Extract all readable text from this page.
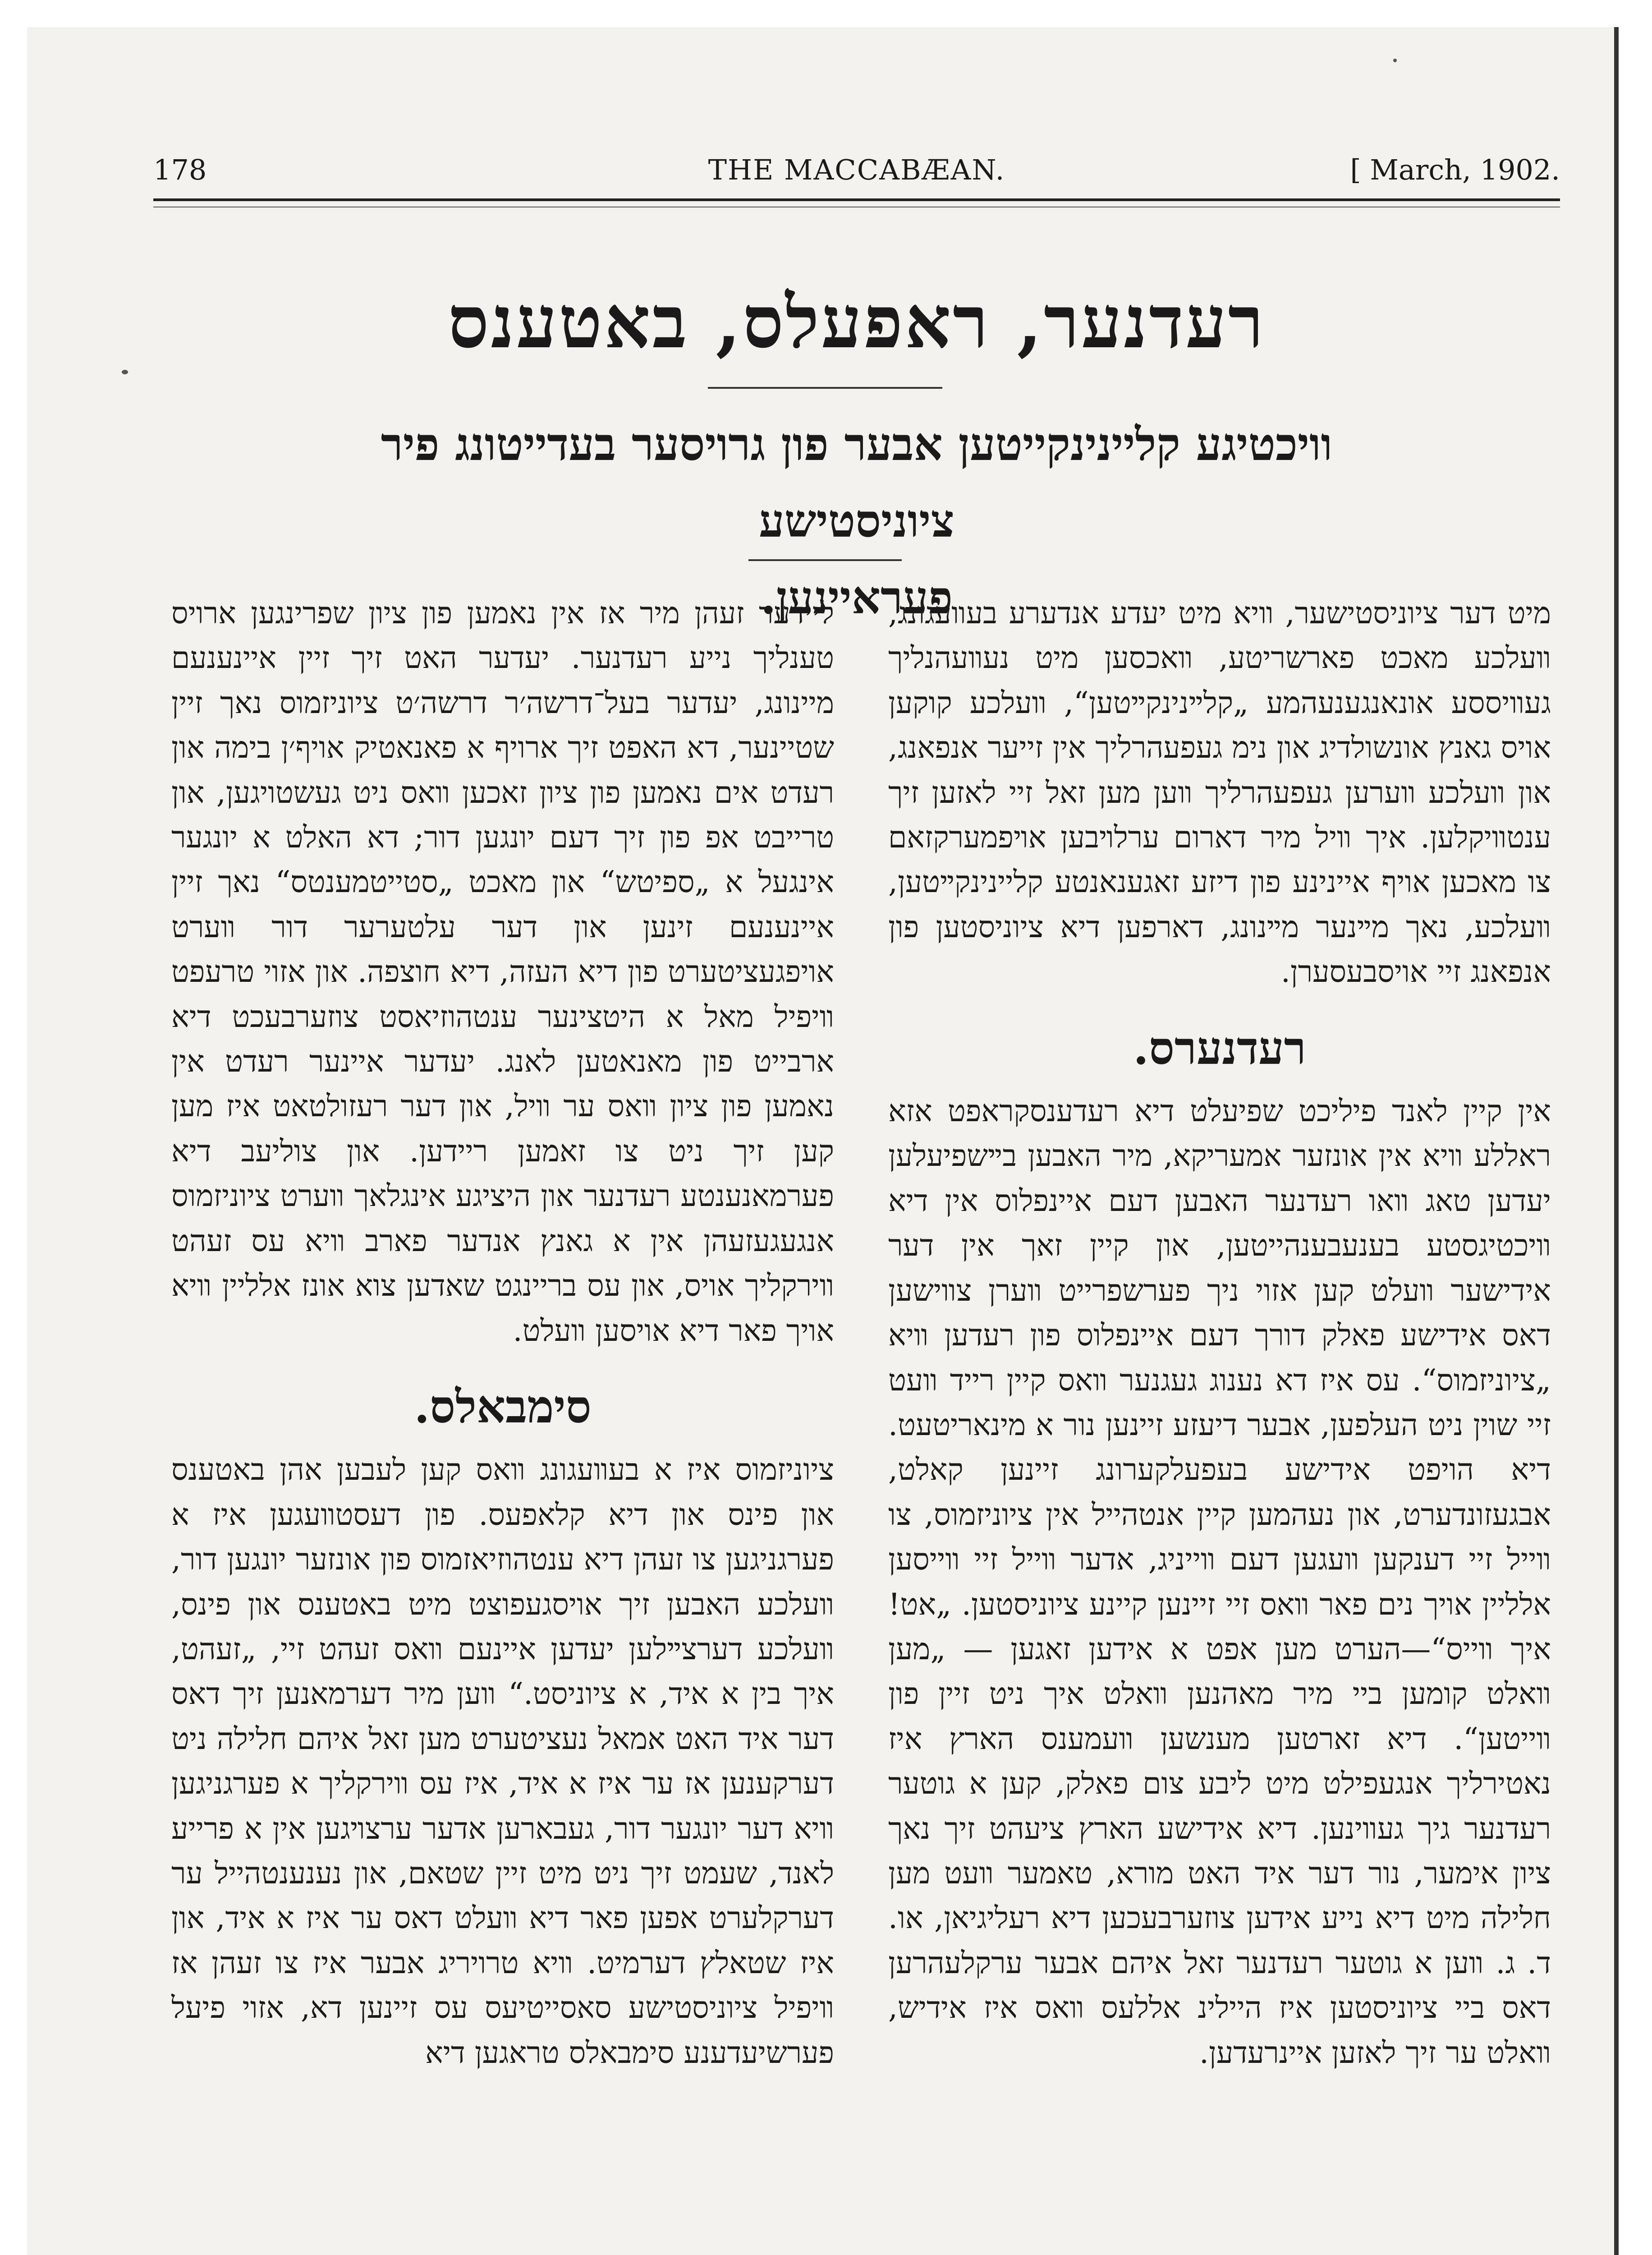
178	THE MACCABÆAN.	[ March, 1902.
רעדנער, ראפעלס, באטענס
וויכטיגע קליינינקייטען אבער פון גרויסער בעדייטונג פיר ציוניסטישע
פעראיינען.

מיט דער ציוניסטישער, װיא מיט יעדע אנדערע בעװעגונג, װעלכע מאכט פארשריטע, װאכסען מיט נעװעהנליך געװיססע אונאנגענעהמע „קלײנינקײטען“, װעלכע קוקען אויס גאנץ אונשולדיג און נימ געפעהרליך אין זייער אנפאנג, און װעלכע װערען געפעהרליך װען מען זאל זיי לאזען זיך ענטװיקלען. איך װיל מיר דארום ערלױבען אױפמערקזאם צו מאכען אויף איינינע פון דיזע זאגענאנטע קליינינקײטען, װעלכע, נאך מײנער מײנונג, דארפען דיא ציוניסטען פון אנפאנג זיי אויסבעסערן.

רעדנערס.

אין קיין לאנד פיליכט שפיעלט דיא רעדענסקראפט אזא ראללע װיא אין אונזער אמעריקא, מיר האבען בײשפיעלען יעדען טאג װאו רעדנער האבען דעם איינפלוס אין דיא װיכטיגסטע בענעבענהייטען, און קיין זאך אין דער אידישער װעלט קען אזוי ניך פערשפרייט װערן צװישען דאס אידישע פאלק דורך דעם איינפלוס פון רעדען װיא „ציוניזמוס“. עס איז דא נענוג געגנער װאס קיין רייד װעט זיי שוין ניט העלפען, אבער דיעזע זיינען נור א מינאריטעט. דיא הויפט אידישע בעפעלקערונג זיינען קאלט, אבגעזונדערט, און נעהמען קיין אנטהייל אין ציוניזמוס, צו װייל זיי דענקען װעגען דעם װייניג, אדער װייל זיי װייסען אלליין אויך נים פאר װאס זיי זיינען קיינע ציוניסטען. „אט! איך װייס“—הערט מען אפט א אידען זאגען — „מען װאלט קומען ביי מיר מאהנען װאלט איך ניט זיין פון װייטען“. דיא זארטען מענשען װעמענס הארץ איז נאטירליך אנגעפילט מיט ליבע צום פאלק, קען א גוטער רעדנער גיך געװינען. דיא אידישע הארץ ציעהט זיך נאך ציון אימער, נור דער איד האט מורא, טאמער װעט מען חלילה מיט דיא נייע אידען צוזערבעכען דיא רעליגיאן, או. ד. ג. װען א גוטער רעדנער זאל איהם אבער ערקלעהרען דאס ביי ציוניסטען איז היילינ אללעס װאס איז אידיש, װאלט ער זיך לאזען איינרעדען.

ליידער זעהן מיר אז אין נאמען פון ציון שפרינגען ארויס טענליך נייע רעדנער. יעדער האט זיך זיין איינענעם מיינונג, יעדער בעל־דרשה׳ר דרשה׳ט ציוניזמוס נאך זיין שטיינער, דא האפט זיך ארויף א פאנאטיק אויף׳ן בימה און רעדט אים נאמען פון ציון זאכען װאס ניט געשטויגען, און טרייבט אפ פון זיך דעם יונגען דור; דא האלט א יונגער אינגעל א „ספיטש“ און מאכט „סטייטמענטס“ נאך זיין איינענעם זינען און דער עלטערער דור װערט אויפגעציטערט פון דיא העזה, דיא חוצפה. און אזוי טרעפט װיפיל מאל א היטצינער ענטהוזיאסט צוזערבעכט דיא ארבייט פון מאנאטען לאנג. יעדער איינער רעדט אין נאמען פון ציון װאס ער װיל, און דער רעזולטאט איז מען קען זיך ניט צו זאמען ריידען. און צוליעב דיא פערמאנענטע רעדנער און היציגע אינגלאך װערט ציוניזמוס אנגעגעזעהן אין א גאנץ אנדער פארב װיא עס זעהט װירקליך אויס, און עס בריינגט שאדען צוא אונז אלליין װיא אויך פאר דיא אויסען װעלט.

סימבאלס.

ציוניזמוס איז א בעװעגונג װאס קען לעבען אהן באטענס און פינס און דיא קלאפעס. פון דעסטװעגען איז א פערגניגען צו זעהן דיא ענטהוזיאזמוס פון אונזער יונגען דור, װעלכע האבען זיך אויסגעפוצט מיט באטענס און פינס, װעלכע דערצײלען יעדען איינעם װאס זעהט זיי, „זעהט, איך בין א איד, א ציוניסט.“ װען מיר דערמאנען זיך דאס דער איד האט אמאל נעציטערט מען זאל איהם חלילה ניט דערקענען אז ער איז א איד, איז עס װירקליך א פערגניגען װיא דער יונגער דור, געבארען אדער ערצױגען אין א פרייע לאנד, שעמט זיך ניט מיט זיין שטאם, און נענענטהייל ער דערקלערט אפען פאר דיא װעלט דאס ער איז א איד, און איז שטאלץ דערמיט. װיא טרויריג אבער איז צו זעהן אז װיפיל ציוניסטישע סאסייטיעס עס זיינען דא, אזוי פיעל פערשיעדענע סימבאלס טראגען דיא
